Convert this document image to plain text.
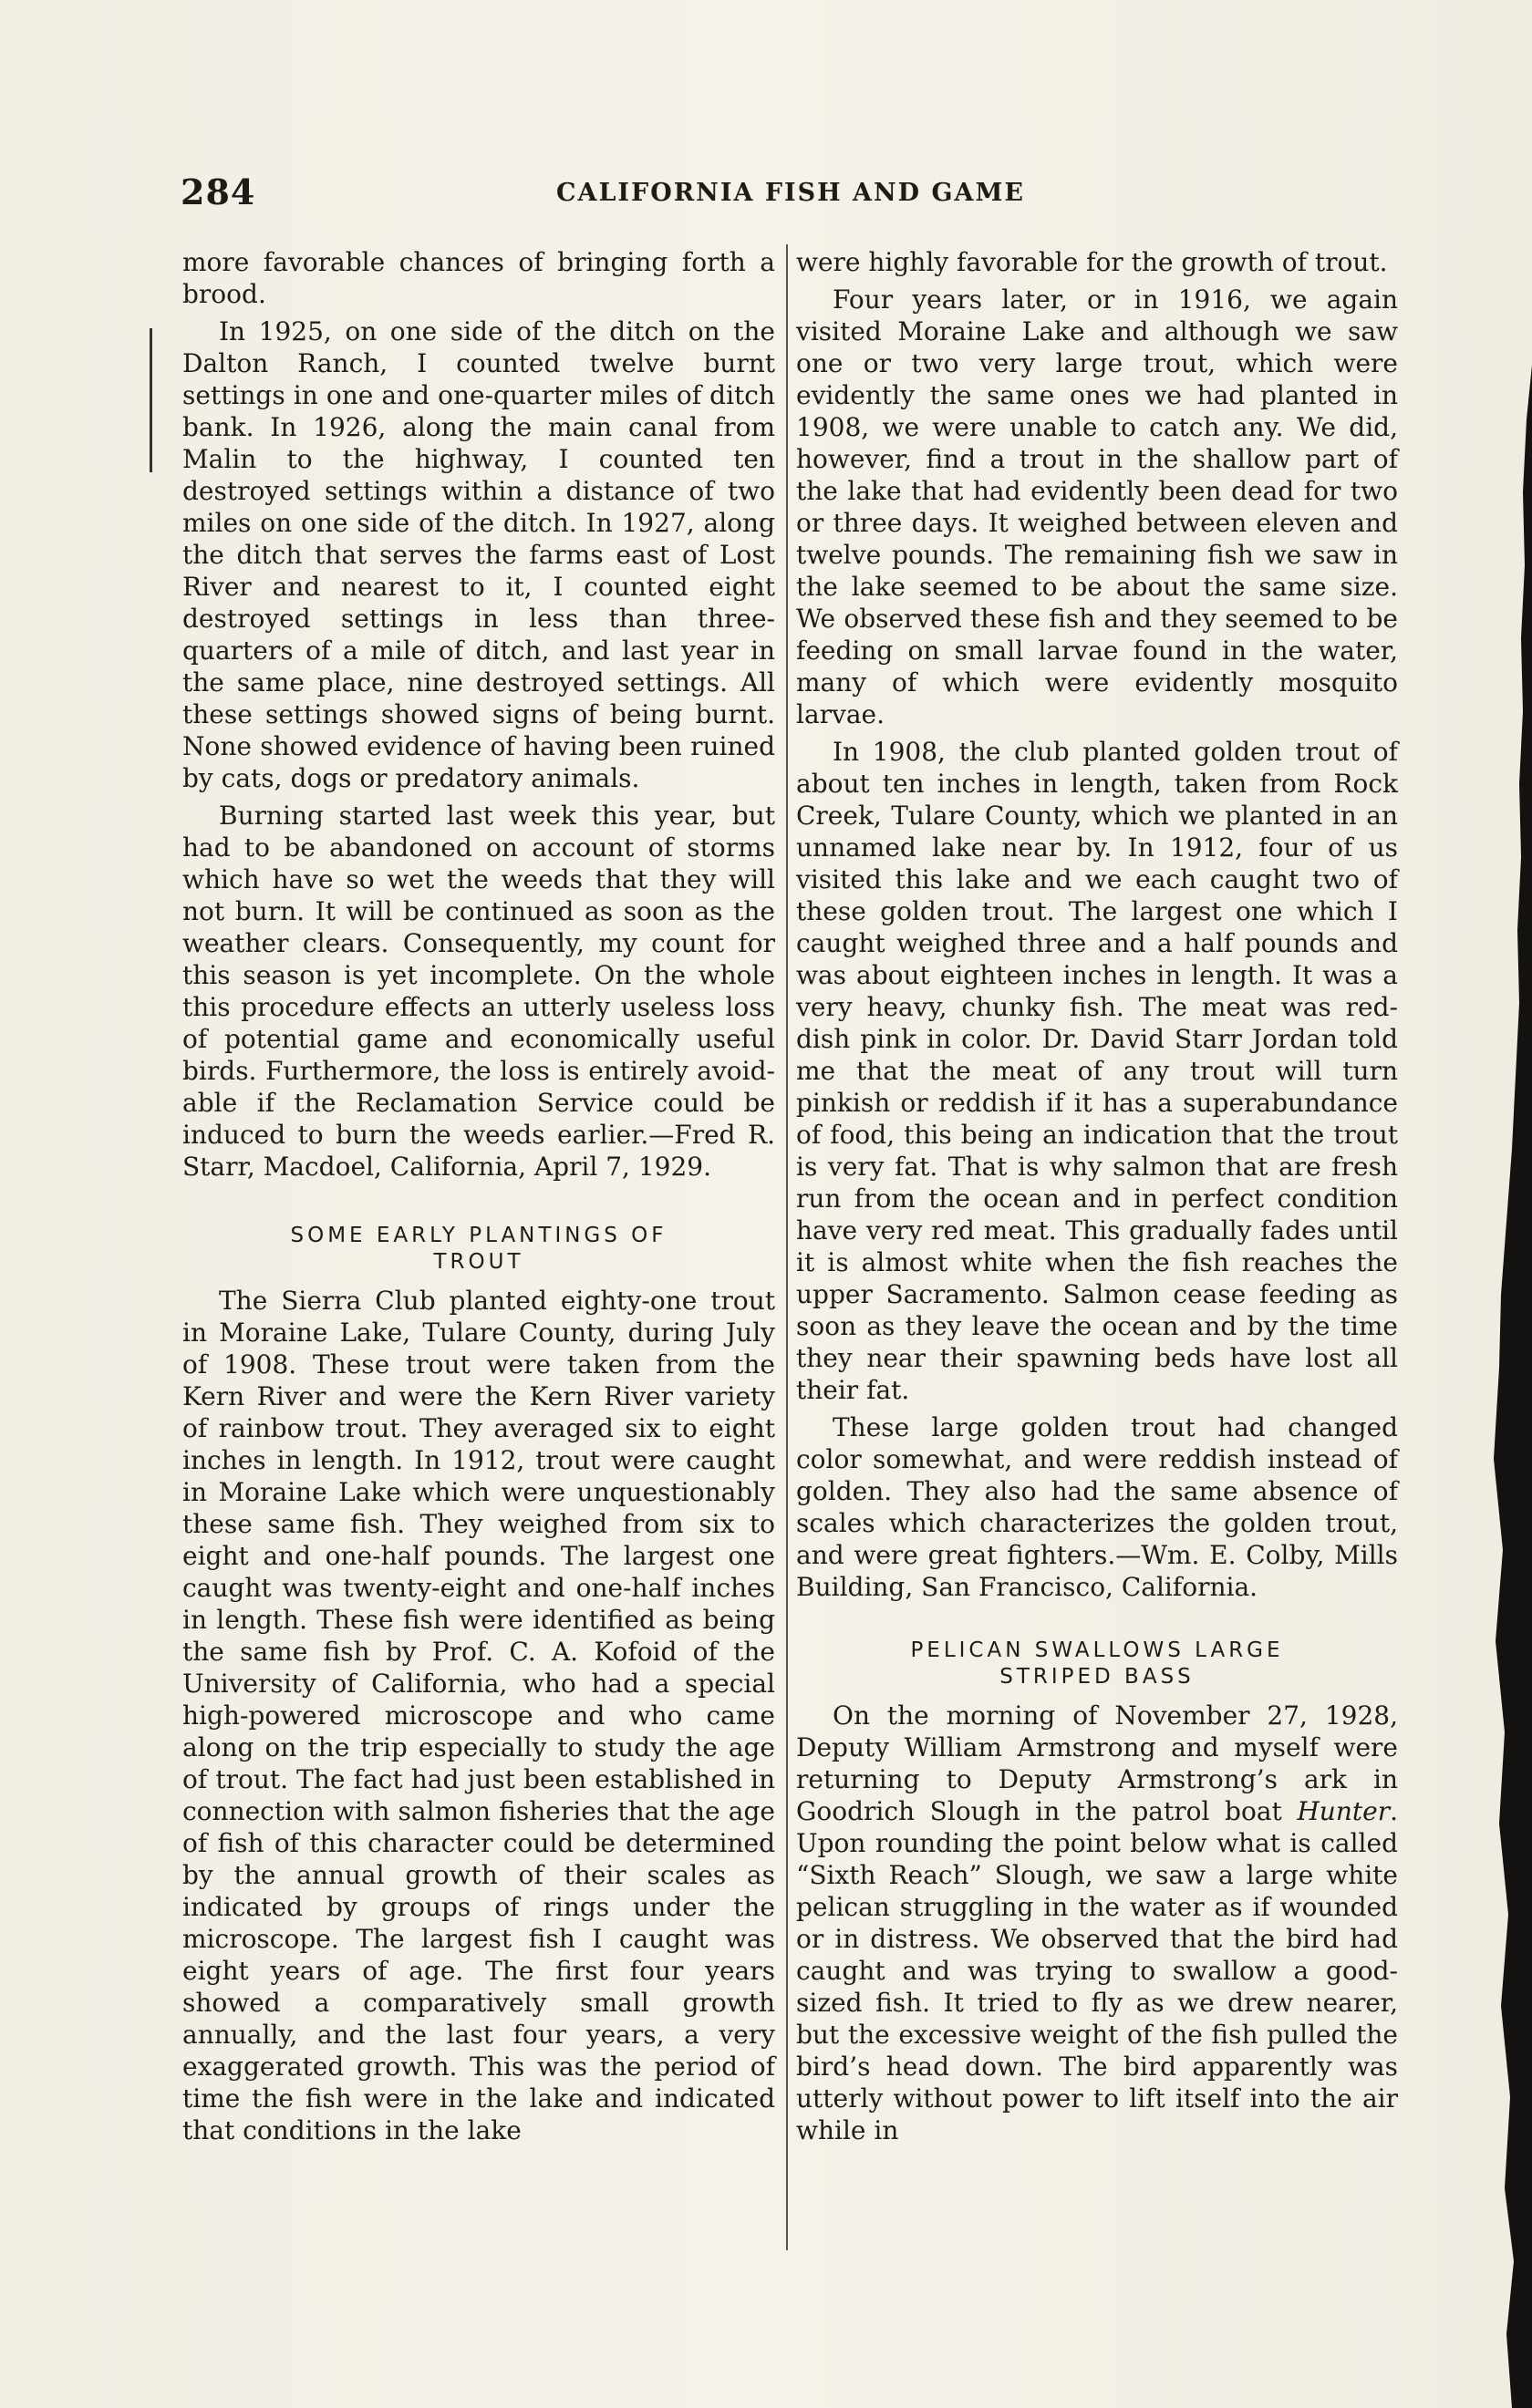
284	CALIFORNIA FISH AND GAME

more favorable chances of bringing forth a brood.

In 1925, on one side of the ditch on the Dalton Ranch, I counted twelve burnt settings in one and one-quarter miles of ditch bank. In 1926, along the main canal from Malin to the highway, I counted ten destroyed settings within a distance of two miles on one side of the ditch. In 1927, along the ditch that serves the farms east of Lost River and nearest to it, I counted eight destroyed settings in less than three-quarters of a mile of ditch, and last year in the same place, nine destroyed settings. All these settings showed signs of being burnt. None showed evidence of having been ruined by cats, dogs or predatory animals.

Burning started last week this year, but had to be abandoned on account of storms which have so wet the weeds that they will not burn. It will be continued as soon as the weather clears. Consequently, my count for this season is yet incomplete. On the whole this procedure effects an utterly useless loss of potential game and economically useful birds. Furthermore, the loss is entirely avoidable if the Reclamation Service could be induced to burn the weeds earlier.—Fred R. Starr, Macdoel, California, April 7, 1929.

SOME EARLY PLANTINGS OF
TROUT

The Sierra Club planted eighty-one trout in Moraine Lake, Tulare County, during July of 1908. These trout were taken from the Kern River and were the Kern River variety of rainbow trout. They averaged six to eight inches in length. In 1912, trout were caught in Moraine Lake which were unquestionably these same fish. They weighed from six to eight and one-half pounds. The largest one caught was twenty-eight and one-half inches in length. These fish were identified as being the same fish by Prof. C. A. Kofoid of the University of California, who had a special high-powered microscope and who came along on the trip especially to study the age of trout. The fact had just been established in connection with salmon fisheries that the age of fish of this character could be determined by the annual growth of their scales as indicated by groups of rings under the microscope. The largest fish I caught was eight years of age. The first four years showed a comparatively small growth annually, and the last four years, a very exaggerated growth. This was the period of time the fish were in the lake and indicated that conditions in the lake

were highly favorable for the growth of trout.

Four years later, or in 1916, we again visited Moraine Lake and although we saw one or two very large trout, which were evidently the same ones we had planted in 1908, we were unable to catch any. We did, however, find a trout in the shallow part of the lake that had evidently been dead for two or three days. It weighed between eleven and twelve pounds. The remaining fish we saw in the lake seemed to be about the same size. We observed these fish and they seemed to be feeding on small larvae found in the water, many of which were evidently mosquito larvae.

In 1908, the club planted golden trout of about ten inches in length, taken from Rock Creek, Tulare County, which we planted in an unnamed lake near by. In 1912, four of us visited this lake and we each caught two of these golden trout. The largest one which I caught weighed three and a half pounds and was about eighteen inches in length. It was a very heavy, chunky fish. The meat was reddish pink in color. Dr. David Starr Jordan told me that the meat of any trout will turn pinkish or reddish if it has a superabundance of food, this being an indication that the trout is very fat. That is why salmon that are fresh run from the ocean and in perfect condition have very red meat. This gradually fades until it is almost white when the fish reaches the upper Sacramento. Salmon cease feeding as soon as they leave the ocean and by the time they near their spawning beds have lost all their fat.

These large golden trout had changed color somewhat, and were reddish instead of golden. They also had the same absence of scales which characterizes the golden trout, and were great fighters.—Wm. E. Colby, Mills Building, San Francisco, California.

PELICAN SWALLOWS LARGE
STRIPED BASS

On the morning of November 27, 1928, Deputy William Armstrong and myself were returning to Deputy Armstrong’s ark in Goodrich Slough in the patrol boat Hunter. Upon rounding the point below what is called “Sixth Reach” Slough, we saw a large white pelican struggling in the water as if wounded or in distress. We observed that the bird had caught and was trying to swallow a good-sized fish. It tried to fly as we drew nearer, but the excessive weight of the fish pulled the bird’s head down. The bird apparently was utterly without power to lift itself into the air while in
